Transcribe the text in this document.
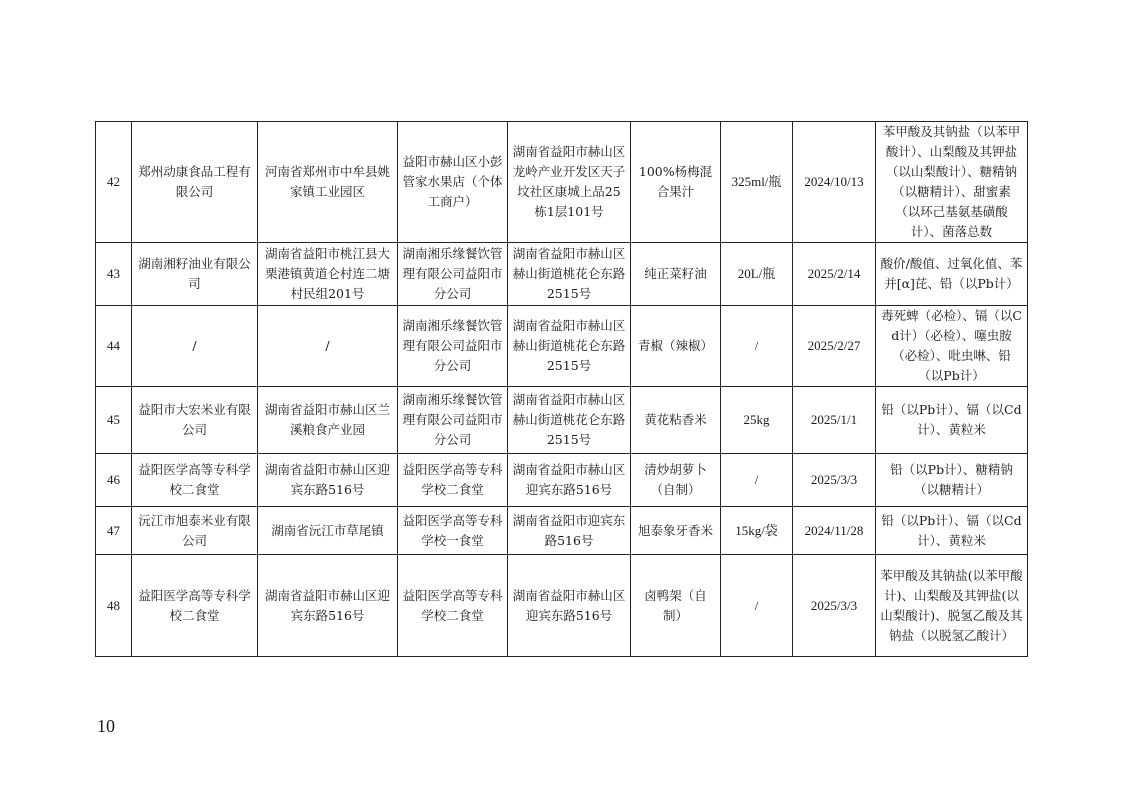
42	郑州动康食品工程有限公司	河南省郑州市中牟县姚家镇工业园区	益阳市赫山区小彭管家水果店（个体工商户）	湖南省益阳市赫山区龙岭产业开发区天子坟社区康城上品25栋1层101号	100%杨梅混合果汁	325ml/瓶	2024/10/13	苯甲酸及其钠盐（以苯甲酸计）、山梨酸及其钾盐（以山梨酸计）、糖精钠（以糖精计）、甜蜜素（以环己基氨基磺酸计）、菌落总数
43	湖南湘籽油业有限公司	湖南省益阳市桃江县大栗港镇黄道仑村连二塘村民组201号	湖南湘乐缘餐饮管理有限公司益阳市分公司	湖南省益阳市赫山区赫山街道桃花仑东路2515号	纯正菜籽油	20L/瓶	2025/2/14	酸价/酸值、过氧化值、苯并[α]芘、铅（以Pb计）
44	/	/	湖南湘乐缘餐饮管理有限公司益阳市分公司	湖南省益阳市赫山区赫山街道桃花仑东路2515号	青椒（辣椒）	/	2025/2/27	毒死蜱（必检）、镉（以Cd计）（必检）、噻虫胺（必检）、吡虫啉、铅（以Pb计）
45	益阳市大宏米业有限公司	湖南省益阳市赫山区兰溪粮食产业园	湖南湘乐缘餐饮管理有限公司益阳市分公司	湖南省益阳市赫山区赫山街道桃花仑东路2515号	黄花粘香米	25kg	2025/1/1	铅（以Pb计）、镉（以Cd计）、黄粒米
46	益阳医学高等专科学校二食堂	湖南省益阳市赫山区迎宾东路516号	益阳医学高等专科学校二食堂	湖南省益阳市赫山区迎宾东路516号	清炒胡萝卜（自制）	/	2025/3/3	铅（以Pb计）、糖精钠（以糖精计）
47	沅江市旭泰米业有限公司	湖南省沅江市草尾镇	益阳医学高等专科学校一食堂	湖南省益阳市迎宾东路516号	旭泰象牙香米	15kg/袋	2024/11/28	铅（以Pb计）、镉（以Cd计）、黄粒米
48	益阳医学高等专科学校二食堂	湖南省益阳市赫山区迎宾东路516号	益阳医学高等专科学校二食堂	湖南省益阳市赫山区迎宾东路516号	卤鸭架（自制）	/	2025/3/3	苯甲酸及其钠盐(以苯甲酸计)、山梨酸及其钾盐(以山梨酸计)、脱氢乙酸及其钠盐（以脱氢乙酸计）
10
